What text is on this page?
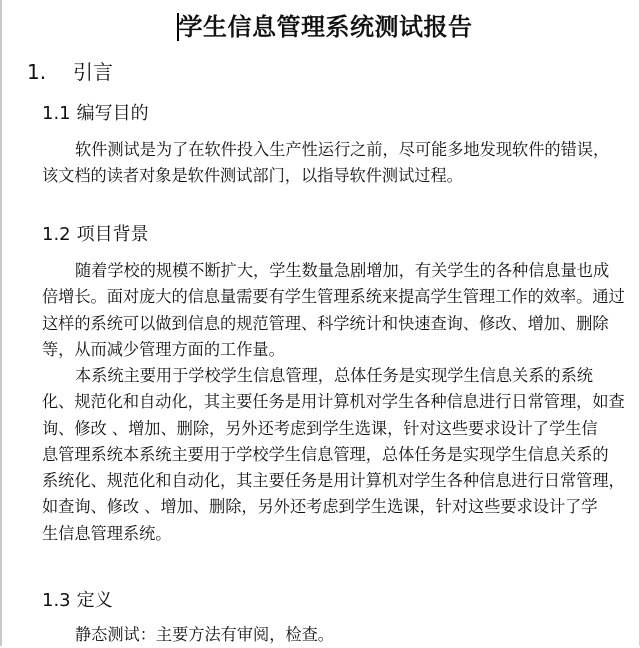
学生信息管理系统测试报告
1. 引言
1.1 编写目的
软件测试是为了在软件投入生产性运行之前，尽可能多地发现软件的错误，
该文档的读者对象是软件测试部门，以指导软件测试过程。
1.2 项目背景
随着学校的规模不断扩大，学生数量急剧增加，有关学生的各种信息量也成
倍增长。面对庞大的信息量需要有学生管理系统来提高学生管理工作的效率。通过
这样的系统可以做到信息的规范管理、科学统计和快速查询、修改、增加、删除
等，从而减少管理方面的工作量。
本系统主要用于学校学生信息管理，总体任务是实现学生信息关系的系统
化、规范化和自动化，其主要任务是用计算机对学生各种信息进行日常管理，如查
询、修改 、增加、删除，另外还考虑到学生选课，针对这些要求设计了学生信
息管理系统本系统主要用于学校学生信息管理，总体任务是实现学生信息关系的
系统化、规范化和自动化，其主要任务是用计算机对学生各种信息进行日常管理，
如查询、修改 、增加、删除，另外还考虑到学生选课，针对这些要求设计了学
生信息管理系统。
1.3 定义
静态测试：主要方法有审阅，检查。
